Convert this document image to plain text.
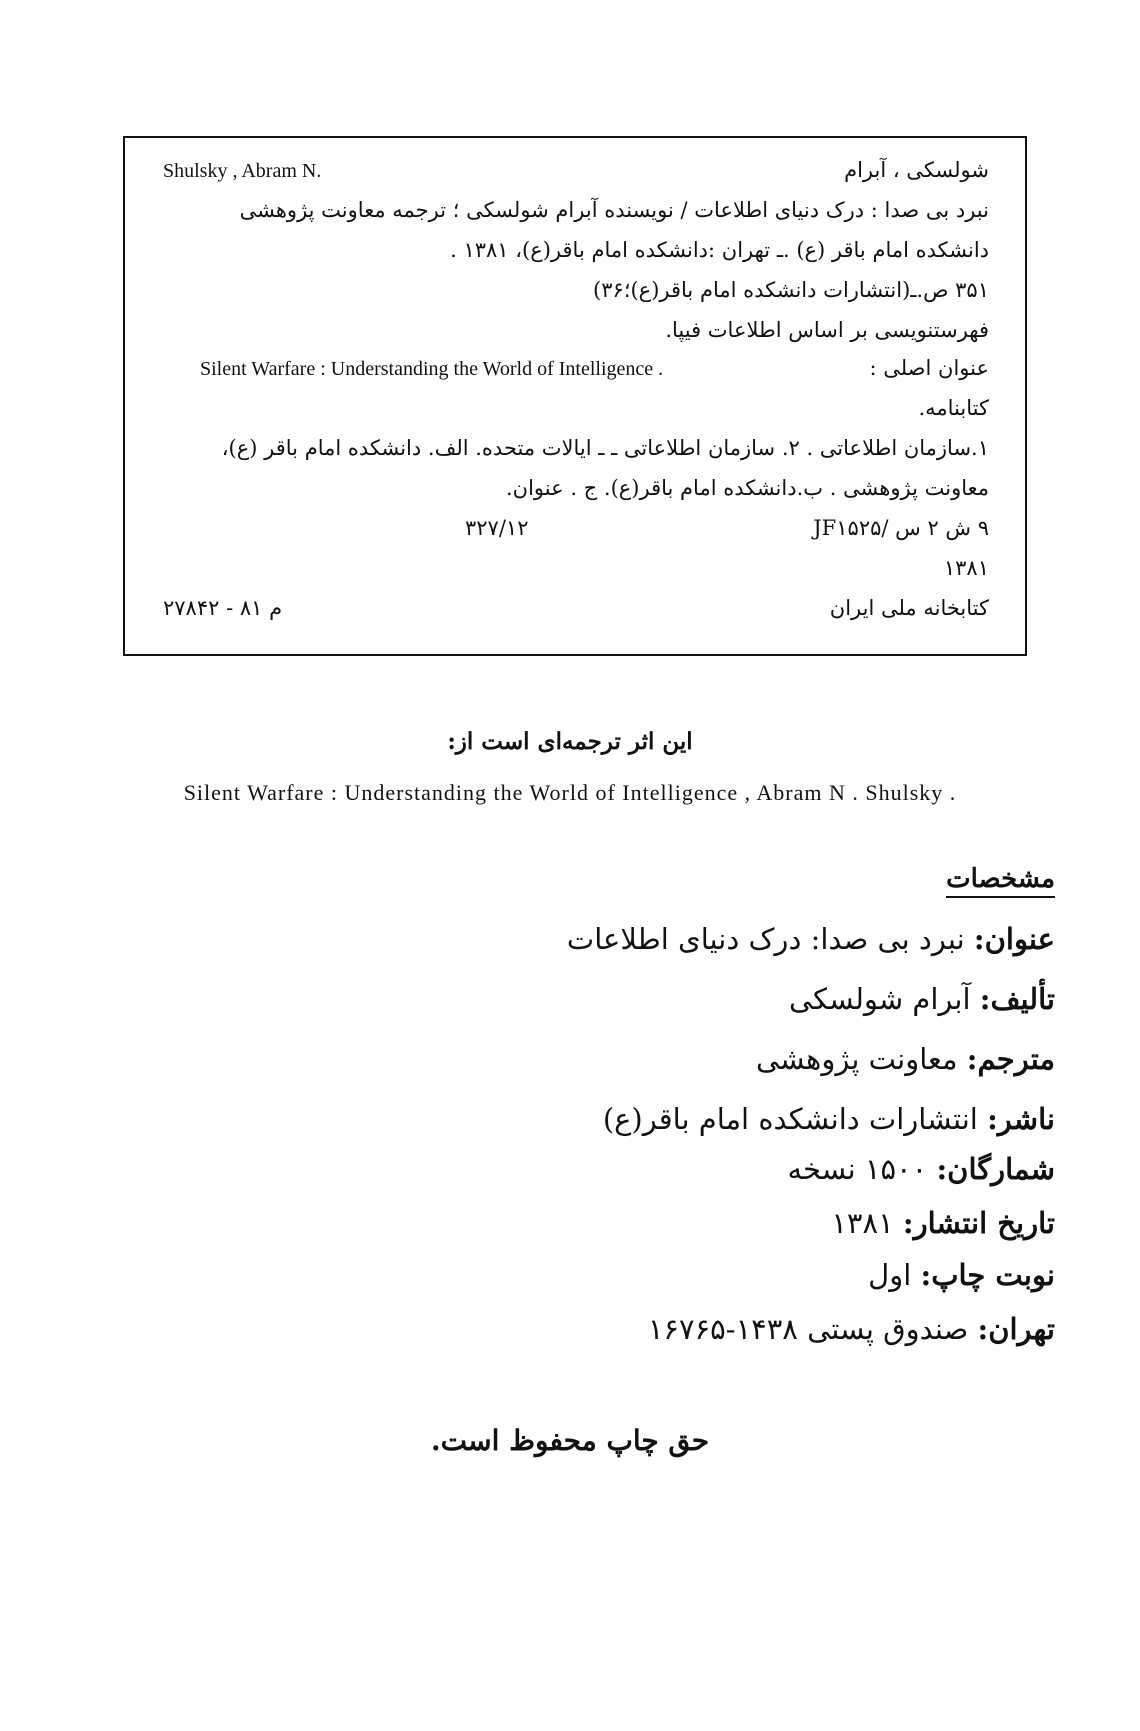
Shulsky , Abram N.	شولسکی ، آبرام
نبرد بی صدا : درک دنیای اطلاعات / نویسنده آبرام شولسکی ؛ ترجمه معاونت پژوهشی
دانشکده امام باقر (ع) .ـ تهران :دانشکده امام باقر(ع)، ۱۳۸۱ .
۳۵۱ ص.ـ(انتشارات دانشکده امام باقر(ع)؛۳۶)
فهرستنویسی بر اساس اطلاعات فیپا.
عنوان اصلی :
Silent Warfare : Understanding the World of Intelligence .
کتابنامه.
۱.سازمان اطلاعاتی . ۲. سازمان اطلاعاتی ـ ـ ایالات متحده. الف. دانشکده امام باقر (ع)،
معاونت پژوهشی . ب.دانشکده امام باقر(ع). ج . عنوان.
۹ ش ۲ س /JF۱۵۲۵
۳۲۷/۱۲
۱۳۸۱
کتابخانه ملی ایران
م ۸۱ - ۲۷۸۴۲
این اثر ترجمه‌ای است از:
Silent Warfare : Understanding the World of Intelligence , Abram N . Shulsky .
مشخصات
عنوان: نبرد بی صدا: درک دنیای اطلاعات
تألیف: آبرام شولسکی
مترجم: معاونت پژوهشی
ناشر: انتشارات دانشکده امام باقر(ع)
شمارگان: ۱۵۰۰ نسخه
تاریخ انتشار: ۱۳۸۱
نوبت چاپ: اول
تهران: صندوق پستی ۱۴۳۸-۱۶۷۶۵
حق چاپ محفوظ است.
